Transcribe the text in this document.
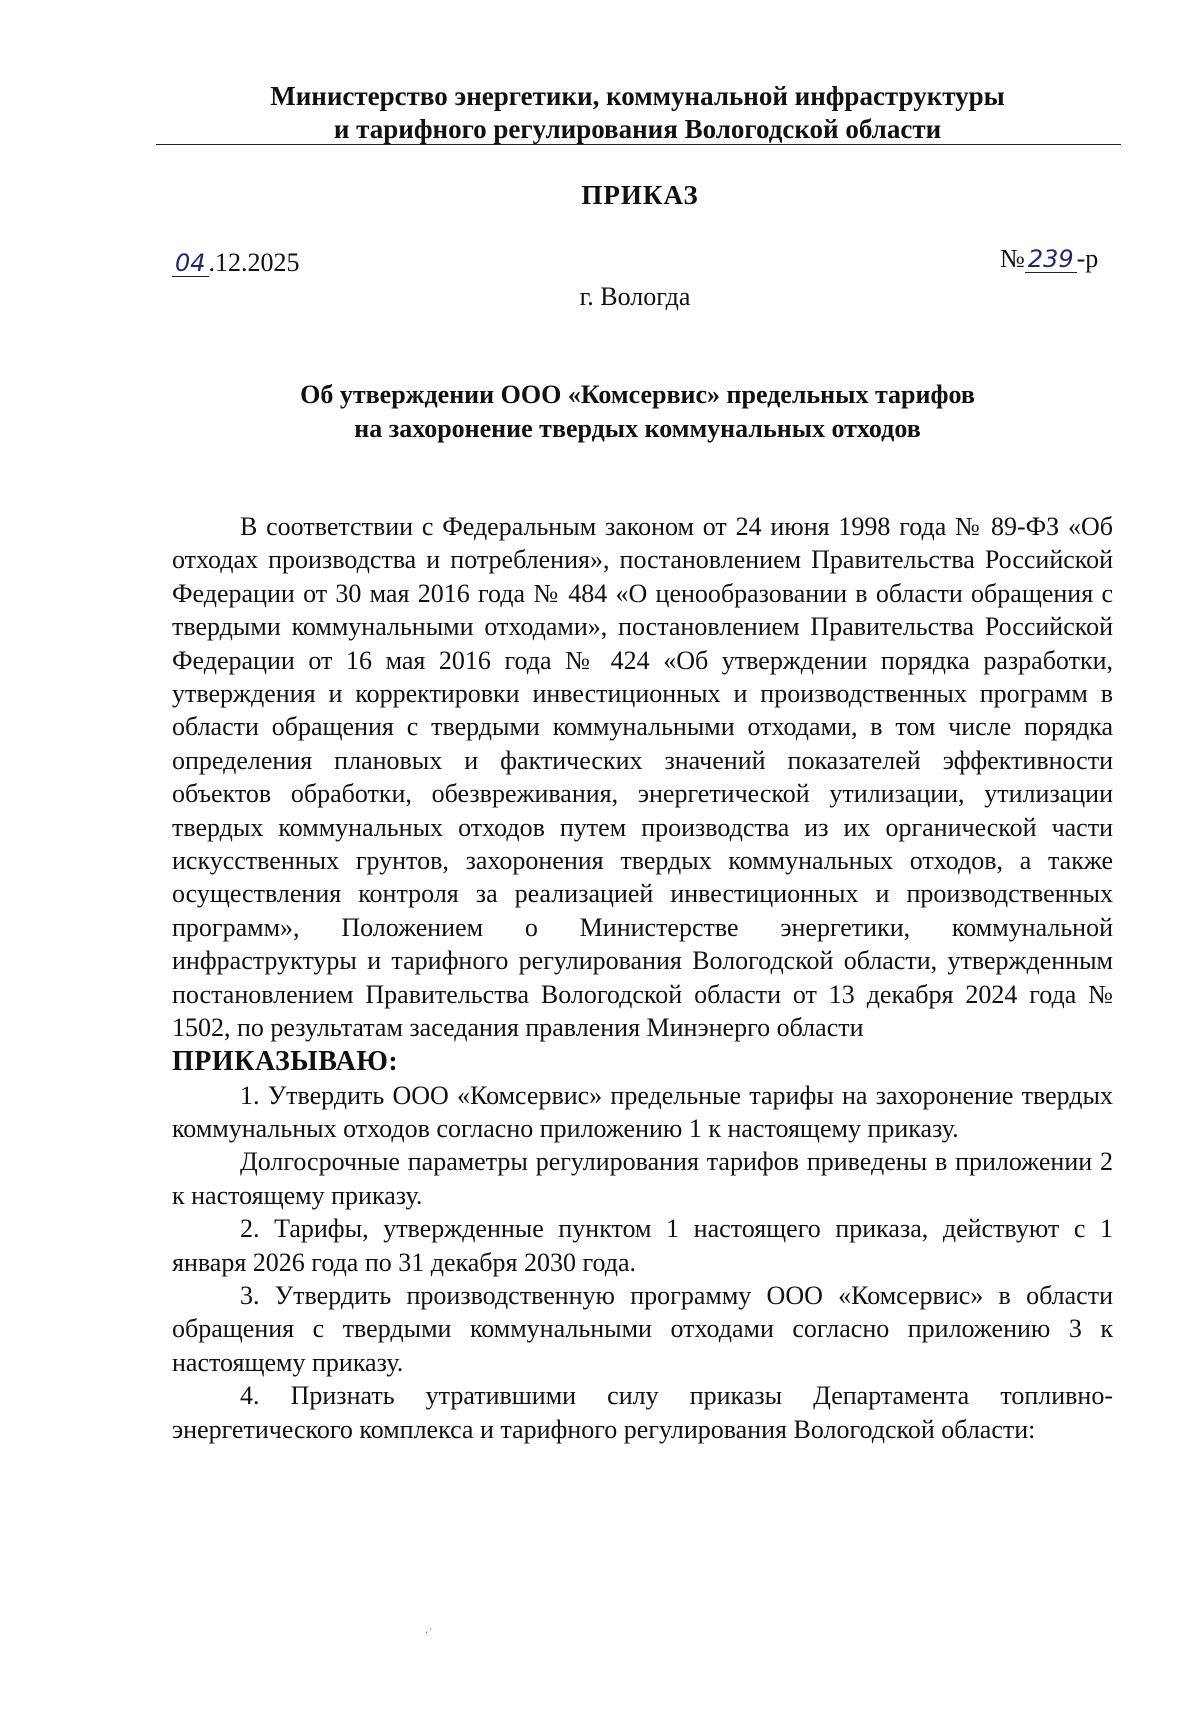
Министерство энергетики, коммунальной инфраструктуры
и тарифного регулирования Вологодской области
ПРИКАЗ
04 .12.2025	№ 239 -р
г. Вологда
Об утверждении ООО «Комсервис» предельных тарифов
на захоронение твердых коммунальных отходов

В соответствии с Федеральным законом от 24 июня 1998 года № 89-ФЗ «Об отходах производства и потребления», постановлением Правительства Российской Федерации от 30 мая 2016 года № 484 «О ценообразовании в области обращения с твердыми коммунальными отходами», постановлением Правительства Российской Федерации от 16 мая 2016 года № 424 «Об утверждении порядка разработки, утверждения и корректировки инвестиционных и производственных программ в области обращения с твердыми коммунальными отходами, в том числе порядка определения плановых и фактических значений показателей эффективности объектов обработки, обезвреживания, энергетической утилизации, утилизации твердых коммунальных отходов путем производства из их органической части искусственных грунтов, захоронения твердых коммунальных отходов, а также осуществления контроля за реализацией инвестиционных и производственных программ», Положением о Министерстве энергетики, коммунальной инфраструктуры и тарифного регулирования Вологодской области, утвержденным постановлением Правительства Вологодской области от 13 декабря 2024 года № 1502, по результатам заседания правления Минэнерго области

ПРИКАЗЫВАЮ:

1. Утвердить ООО «Комсервис» предельные тарифы на захоронение твердых коммунальных отходов согласно приложению 1 к настоящему приказу.

Долгосрочные параметры регулирования тарифов приведены в приложении 2 к настоящему приказу.

2. Тарифы, утвержденные пунктом 1 настоящего приказа, действуют с 1 января 2026 года по 31 декабря 2030 года.

3. Утвердить производственную программу ООО «Комсервис» в области обращения с твердыми коммунальными отходами согласно приложению 3 к настоящему приказу.

4. Признать утратившими силу приказы Департамента топливно-энергетического комплекса и тарифного регулирования Вологодской области:

·˙
